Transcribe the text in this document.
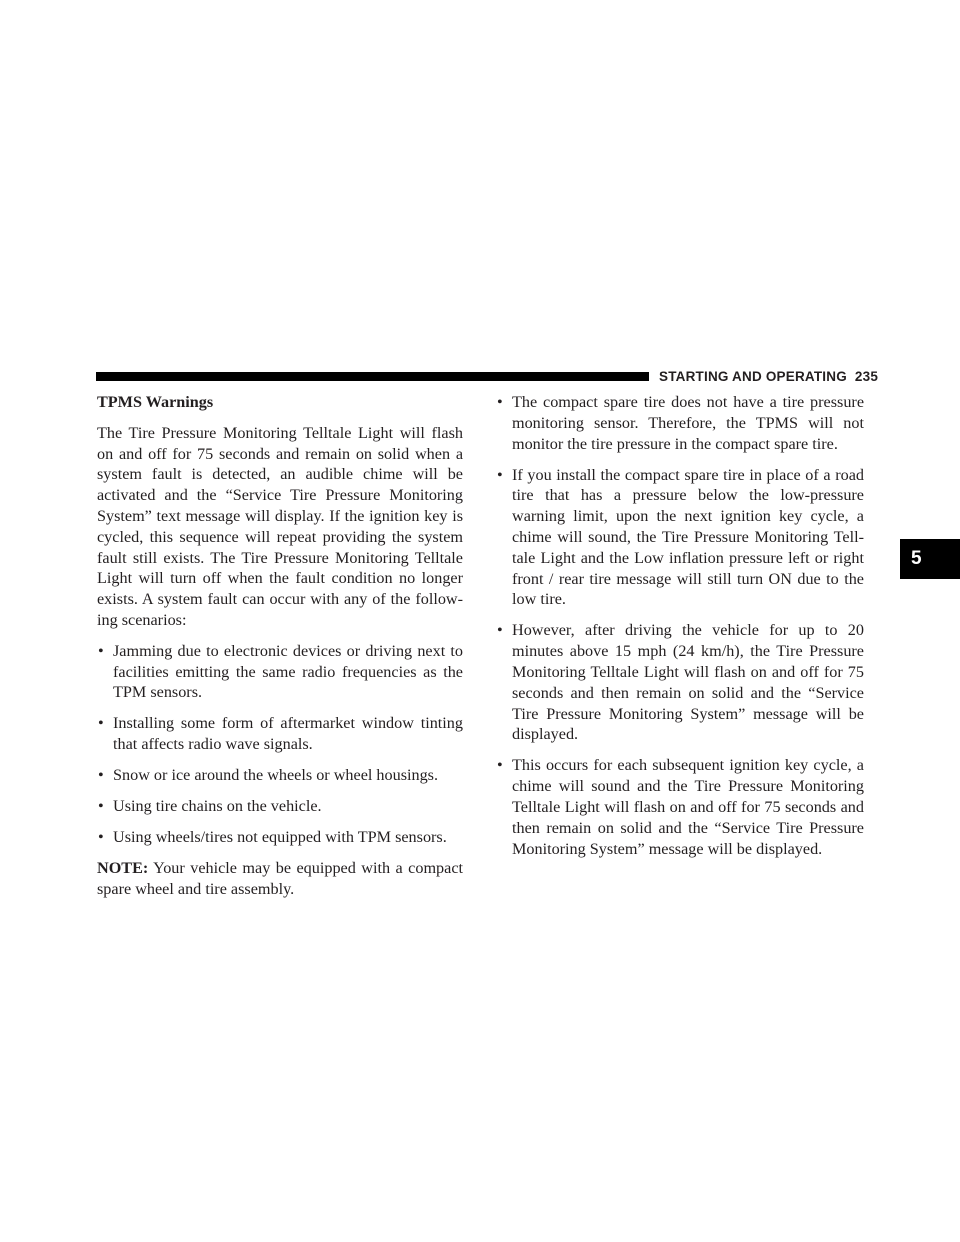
STARTING AND OPERATING 235
5

TPMS Warnings

The Tire Pressure Monitoring Telltale Light will flash on and off for 75 seconds and remain on solid when a system fault is detected, an audible chime will be activated and the “Service Tire Pressure Monitoring System” text message will display. If the ignition key is cycled, this sequence will repeat providing the system fault still exists. The Tire Pressure Monitoring Telltale Light will turn off when the fault condition no longer exists. A system fault can occur with any of the follow-ing scenarios:

• Jamming due to electronic devices or driving next to facilities emitting the same radio frequencies as the TPM sensors.
• Installing some form of aftermarket window tinting that affects radio wave signals.
• Snow or ice around the wheels or wheel housings.
• Using tire chains on the vehicle.
• Using wheels/tires not equipped with TPM sensors.

NOTE: Your vehicle may be equipped with a compact spare wheel and tire assembly.

• The compact spare tire does not have a tire pressure monitoring sensor. Therefore, the TPMS will not monitor the tire pressure in the compact spare tire.
• If you install the compact spare tire in place of a road tire that has a pressure below the low-pressure warning limit, upon the next ignition key cycle, a chime will sound, the Tire Pressure Monitoring Tell-tale Light and the Low inflation pressure left or right front / rear tire message will still turn ON due to the low tire.
• However, after driving the vehicle for up to 20 minutes above 15 mph (24 km/h), the Tire Pressure Monitoring Telltale Light will flash on and off for 75 seconds and then remain on solid and the “Service Tire Pressure Monitoring System” message will be displayed.
• This occurs for each subsequent ignition key cycle, a chime will sound and the Tire Pressure Monitoring Telltale Light will flash on and off for 75 seconds and then remain on solid and the “Service Tire Pressure Monitoring System” message will be displayed.
